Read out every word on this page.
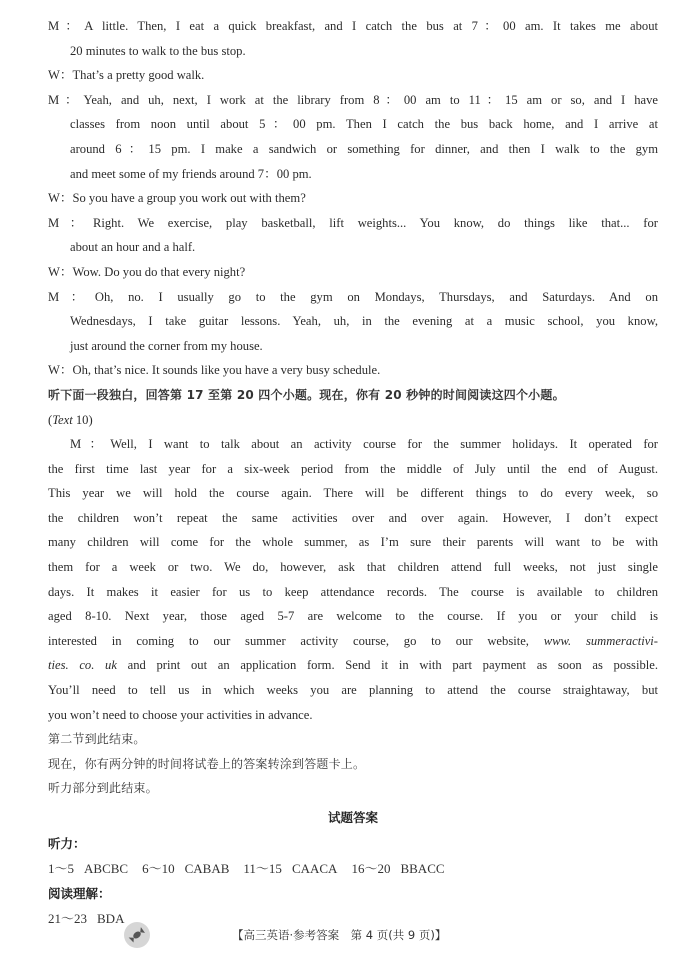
M：A little. Then, I eat a quick breakfast, and I catch the bus at 7：00 am. It takes me about
20 minutes to walk to the bus stop.
W：That’s a pretty good walk.
M：Yeah, and uh, next, I work at the library from 8：00 am to 11：15 am or so, and I have
classes from noon until about 5：00 pm. Then I catch the bus back home, and I arrive at
around 6：15 pm. I make a sandwich or something for dinner, and then I walk to the gym
and meet some of my friends around 7：00 pm.
W：So you have a group you work out with them?
M：Right. We exercise, play basketball, lift weights... You know, do things like that... for
about an hour and a half.
W：Wow. Do you do that every night?
M：Oh, no. I usually go to the gym on Mondays, Thursdays, and Saturdays. And on
Wednesdays, I take guitar lessons. Yeah, uh, in the evening at a music school, you know,
just around the corner from my house.
W：Oh, that’s nice. It sounds like you have a very busy schedule.
听下面一段独白，回答第 17 至第 20 四个小题。现在，你有 20 秒钟的时间阅读这四个小题。
(Text 10)
M：Well, I want to talk about an activity course for the summer holidays. It operated for
the first time last year for a six-week period from the middle of July until the end of August.
This year we will hold the course again. There will be different things to do every week, so
the children won’t repeat the same activities over and over again. However, I don’t expect
many children will come for the whole summer, as I’m sure their parents will want to be with
them for a week or two. We do, however, ask that children attend full weeks, not just single
days. It makes it easier for us to keep attendance records. The course is available to children
aged 8-10. Next year, those aged 5-7 are welcome to the course. If you or your child is
interested in coming to our summer activity course, go to our website, www. summeractivi-
ties. co. uk and print out an application form. Send it in with part payment as soon as possible.
You’ll need to tell us in which weeks you are planning to attend the course straightaway, but
you won’t need to choose your activities in advance.
第二节到此结束。
现在，你有两分钟的时间将试卷上的答案转涂到答题卡上。
听力部分到此结束。
试题答案
听力：
1～5 ABCBC 6～10 CABAB 11～15 CAACA 16～20 BBACC
阅读理解：
21～23 BDA
【高三英语·参考答案　第 4 页(共 9 页)】
